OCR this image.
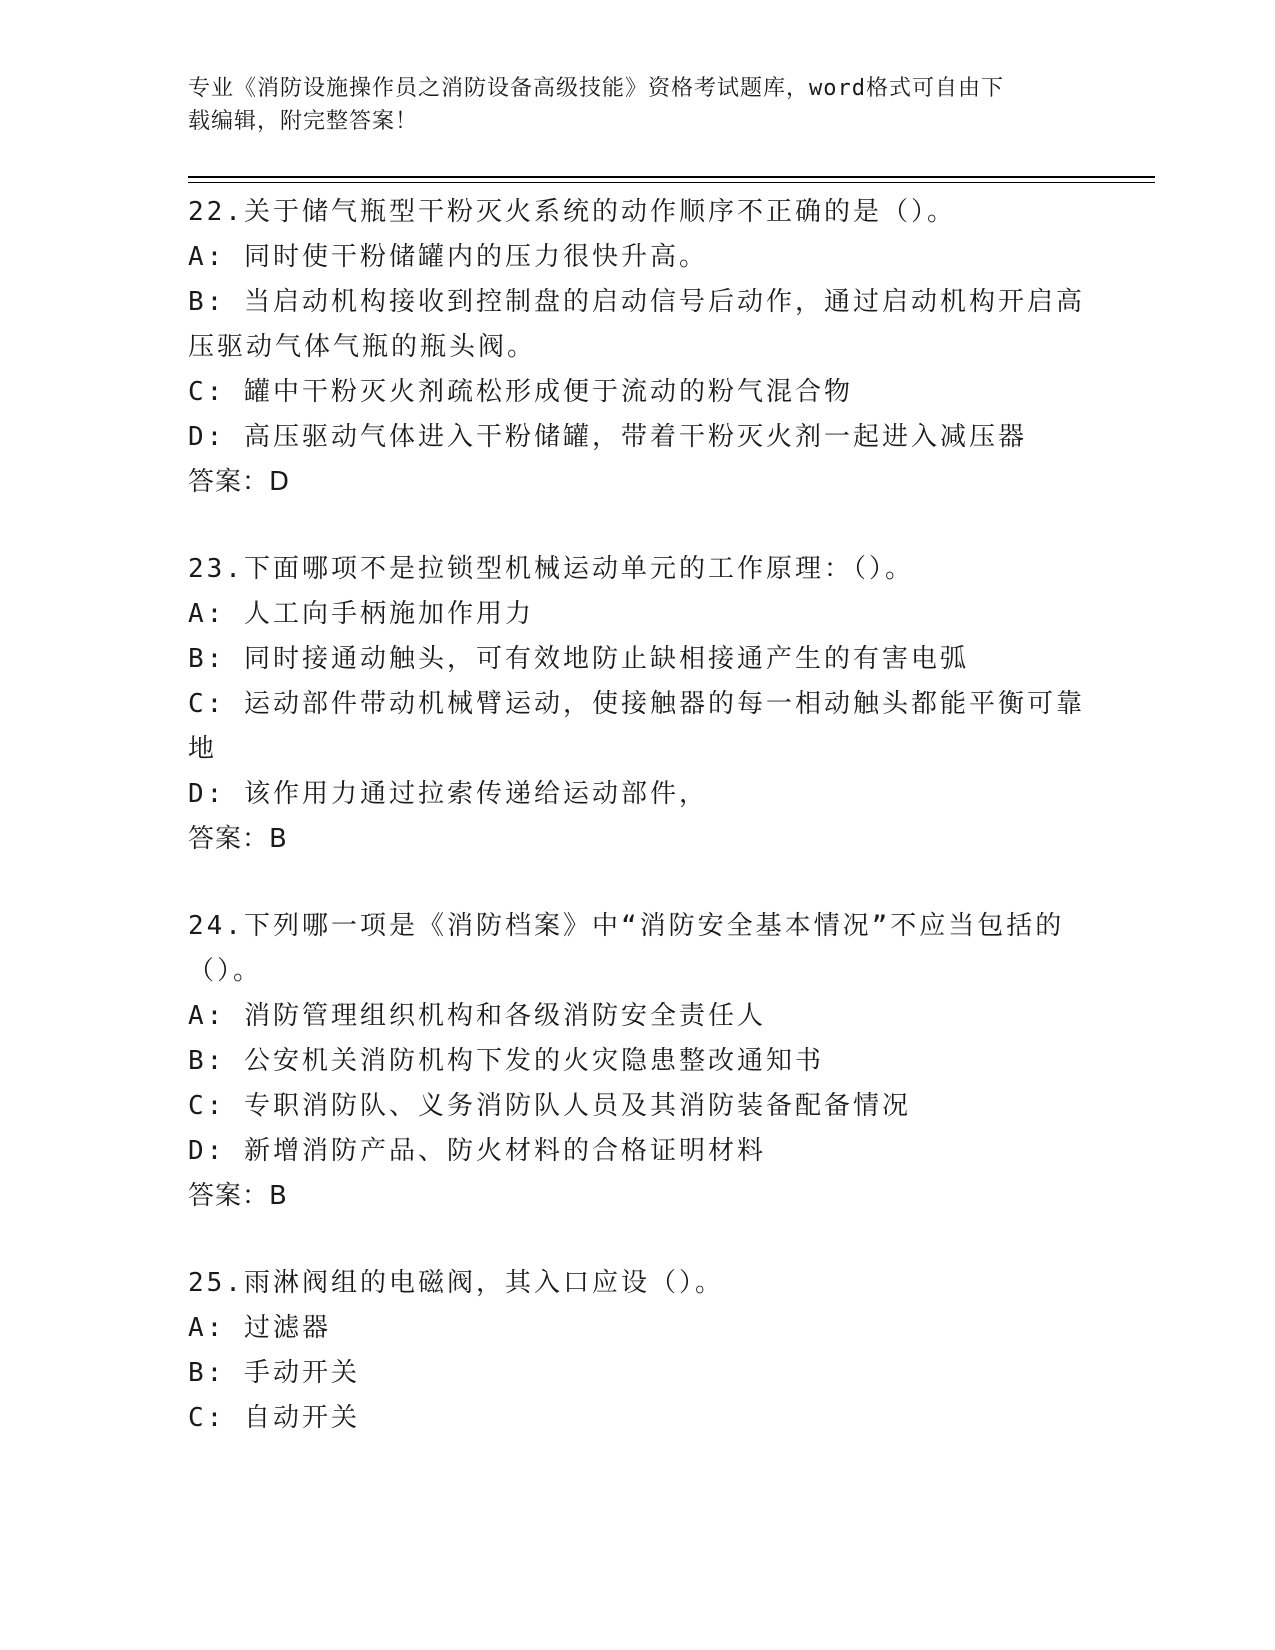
专业《消防设施操作员之消防设备高级技能》资格考试题库，word格式可自由下
载编辑，附完整答案！
22.关于储气瓶型干粉灭火系统的动作顺序不正确的是（）。
A: 同时使干粉储罐内的压力很快升高。
B: 当启动机构接收到控制盘的启动信号后动作，通过启动机构开启高压驱动气体气瓶的瓶头阀。
C: 罐中干粉灭火剂疏松形成便于流动的粉气混合物
D: 高压驱动气体进入干粉储罐，带着干粉灭火剂一起进入减压器
答案：D
23.下面哪项不是拉锁型机械运动单元的工作原理：（）。
A: 人工向手柄施加作用力
B: 同时接通动触头，可有效地防止缺相接通产生的有害电弧
C: 运动部件带动机械臂运动，使接触器的每一相动触头都能平衡可靠地
D: 该作用力通过拉索传递给运动部件，
答案：B
24.下列哪一项是《消防档案》中“消防安全基本情况”不应当包括的（）。
A: 消防管理组织机构和各级消防安全责任人
B: 公安机关消防机构下发的火灾隐患整改通知书
C: 专职消防队、义务消防队人员及其消防装备配备情况
D: 新增消防产品、防火材料的合格证明材料
答案：B
25.雨淋阀组的电磁阀，其入口应设（）。
A: 过滤器
B: 手动开关
C: 自动开关
